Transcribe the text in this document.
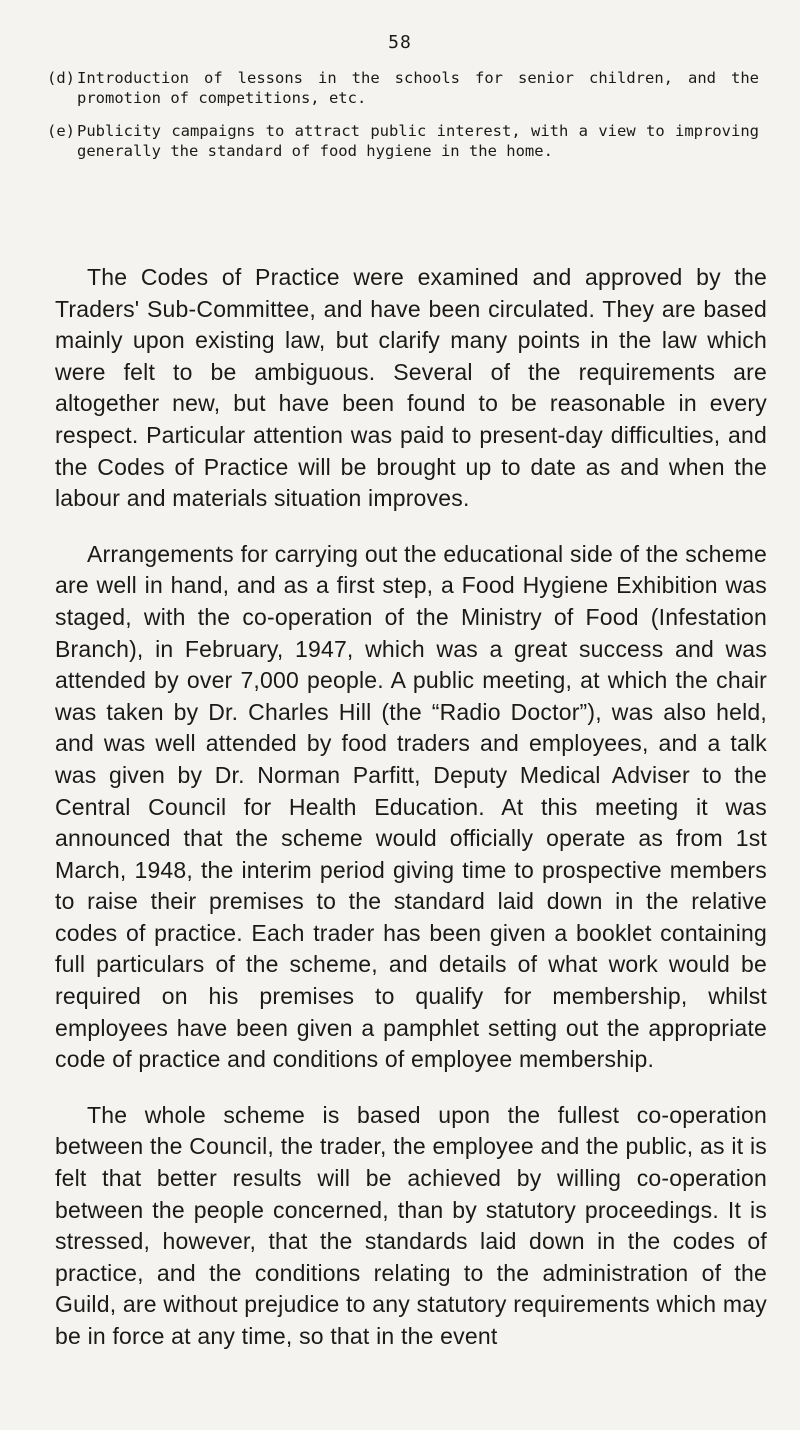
58
(d) Introduction of lessons in the schools for senior children, and the promotion of competitions, etc.
(e) Publicity campaigns to attract public interest, with a view to improving generally the standard of food hygiene in the home.

The Codes of Practice were examined and approved by the Traders' Sub-Committee, and have been circulated. They are based mainly upon existing law, but clarify many points in the law which were felt to be ambiguous. Several of the requirements are altogether new, but have been found to be reasonable in every respect. Particular attention was paid to present-day difficulties, and the Codes of Practice will be brought up to date as and when the labour and materials situation improves.

Arrangements for carrying out the educational side of the scheme are well in hand, and as a first step, a Food Hygiene Exhibition was staged, with the co-operation of the Ministry of Food (Infestation Branch), in February, 1947, which was a great success and was attended by over 7,000 people. A public meeting, at which the chair was taken by Dr. Charles Hill (the “Radio Doctor”), was also held, and was well attended by food traders and employees, and a talk was given by Dr. Norman Parfitt, Deputy Medical Adviser to the Central Council for Health Education. At this meeting it was announced that the scheme would officially operate as from 1st March, 1948, the interim period giving time to prospective members to raise their premises to the standard laid down in the relative codes of practice. Each trader has been given a booklet containing full particulars of the scheme, and details of what work would be required on his premises to qualify for membership, whilst employees have been given a pamphlet setting out the appropriate code of practice and conditions of employee membership.

The whole scheme is based upon the fullest co-operation between the Council, the trader, the employee and the public, as it is felt that better results will be achieved by willing co-operation between the people concerned, than by statutory proceedings. It is stressed, however, that the standards laid down in the codes of practice, and the conditions relating to the administration of the Guild, are without prejudice to any statutory requirements which may be in force at any time, so that in the event
